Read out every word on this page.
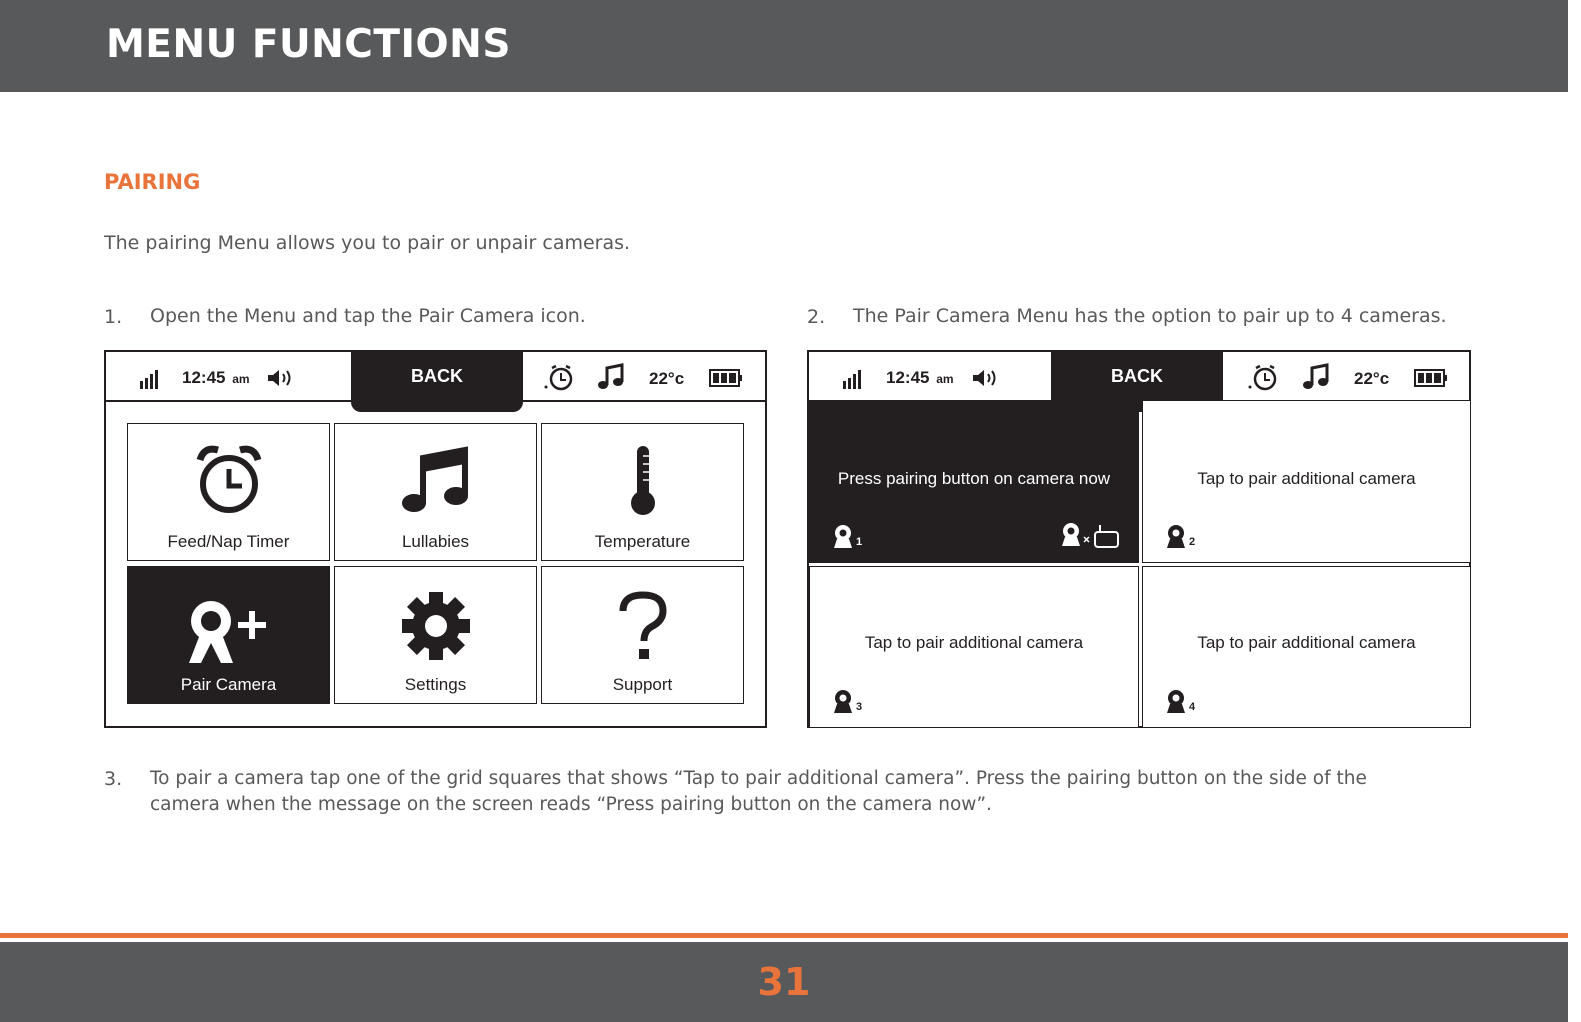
MENU FUNCTIONS
PAIRING
The pairing Menu allows you to pair or unpair cameras.
1. Open the Menu and tap the Pair Camera icon.	2. The Pair Camera Menu has the option to pair up to 4 cameras.
12:45 am	BACK	22°c
Feed/Nap Timer	Lullabies	Temperature
Pair Camera	Settings	Support
12:45 am	BACK	22°c
Press pairing button on camera now
1
Tap to pair additional camera
2
Tap to pair additional camera
3
Tap to pair additional camera
4
3. To pair a camera tap one of the grid squares that shows “Tap to pair additional camera”. Press the pairing button on the side of the
camera when the message on the screen reads “Press pairing button on the camera now”.
31
